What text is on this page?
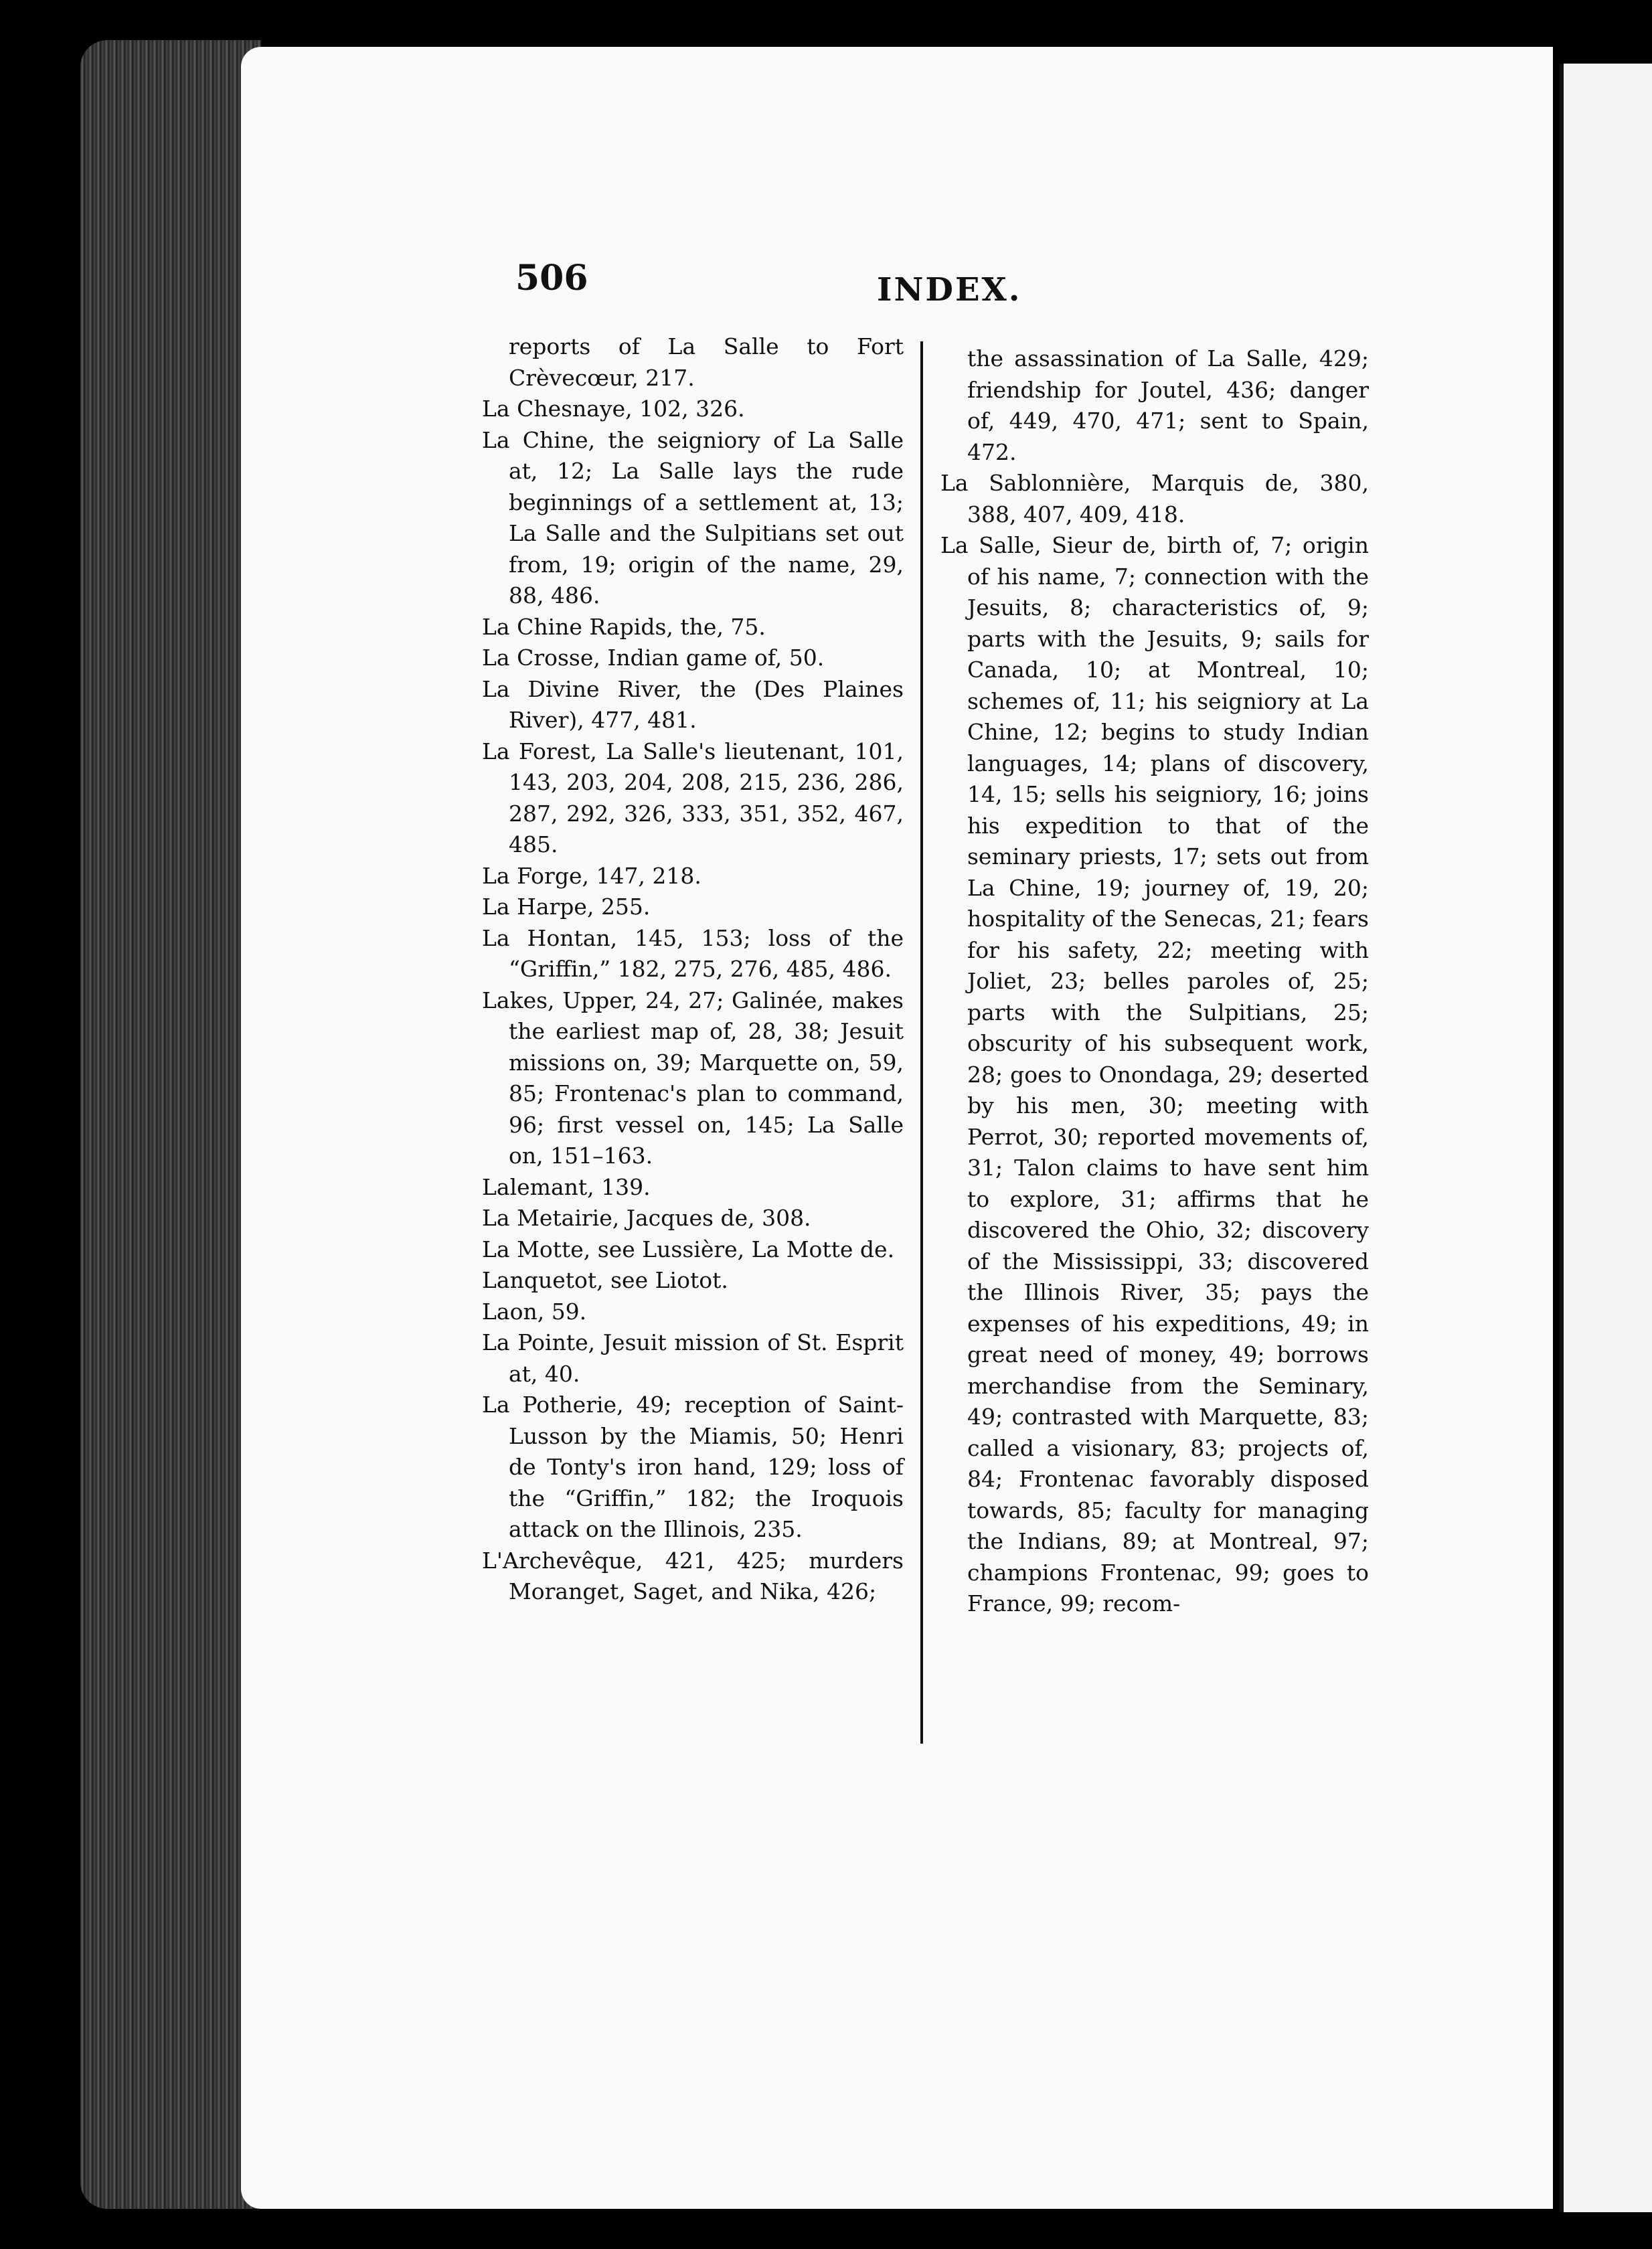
506	INDEX.

reports of La Salle to Fort Crèvecœur, 217.

La Chesnaye, 102, 326.

La Chine, the seigniory of La Salle at, 12; La Salle lays the rude beginnings of a settlement at, 13; La Salle and the Sulpitians set out from, 19; origin of the name, 29, 88, 486.

La Chine Rapids, the, 75.

La Crosse, Indian game of, 50.

La Divine River, the (Des Plaines River), 477, 481.

La Forest, La Salle's lieutenant, 101, 143, 203, 204, 208, 215, 236, 286, 287, 292, 326, 333, 351, 352, 467, 485.

La Forge, 147, 218.

La Harpe, 255.

La Hontan, 145, 153; loss of the “Griffin,” 182, 275, 276, 485, 486.

Lakes, Upper, 24, 27; Galinée, makes the earliest map of, 28, 38; Jesuit missions on, 39; Marquette on, 59, 85; Frontenac's plan to command, 96; first vessel on, 145; La Salle on, 151–163.

Lalemant, 139.

La Metairie, Jacques de, 308.

La Motte, see Lussière, La Motte de.

Lanquetot, see Liotot.

Laon, 59.

La Pointe, Jesuit mission of St. Esprit at, 40.

La Potherie, 49; reception of Saint-Lusson by the Miamis, 50; Henri de Tonty's iron hand, 129; loss of the “Griffin,” 182; the Iroquois attack on the Illinois, 235.

L'Archevêque, 421, 425; murders Moranget, Saget, and Nika, 426;

the assassination of La Salle, 429; friendship for Joutel, 436; danger of, 449, 470, 471; sent to Spain, 472.

La Sablonnière, Marquis de, 380, 388, 407, 409, 418.

La Salle, Sieur de, birth of, 7; origin of his name, 7; connection with the Jesuits, 8; characteristics of, 9; parts with the Jesuits, 9; sails for Canada, 10; at Montreal, 10; schemes of, 11; his seigniory at La Chine, 12; begins to study Indian languages, 14; plans of discovery, 14, 15; sells his seigniory, 16; joins his expedition to that of the seminary priests, 17; sets out from La Chine, 19; journey of, 19, 20; hospitality of the Senecas, 21; fears for his safety, 22; meeting with Joliet, 23; belles paroles of, 25; parts with the Sulpitians, 25; obscurity of his subsequent work, 28; goes to Onondaga, 29; deserted by his men, 30; meeting with Perrot, 30; reported movements of, 31; Talon claims to have sent him to explore, 31; affirms that he discovered the Ohio, 32; discovery of the Mississippi, 33; discovered the Illinois River, 35; pays the expenses of his expeditions, 49; in great need of money, 49; borrows merchandise from the Seminary, 49; contrasted with Marquette, 83; called a visionary, 83; projects of, 84; Frontenac favorably disposed towards, 85; faculty for managing the Indians, 89; at Montreal, 97; champions Frontenac, 99; goes to France, 99; recom-
